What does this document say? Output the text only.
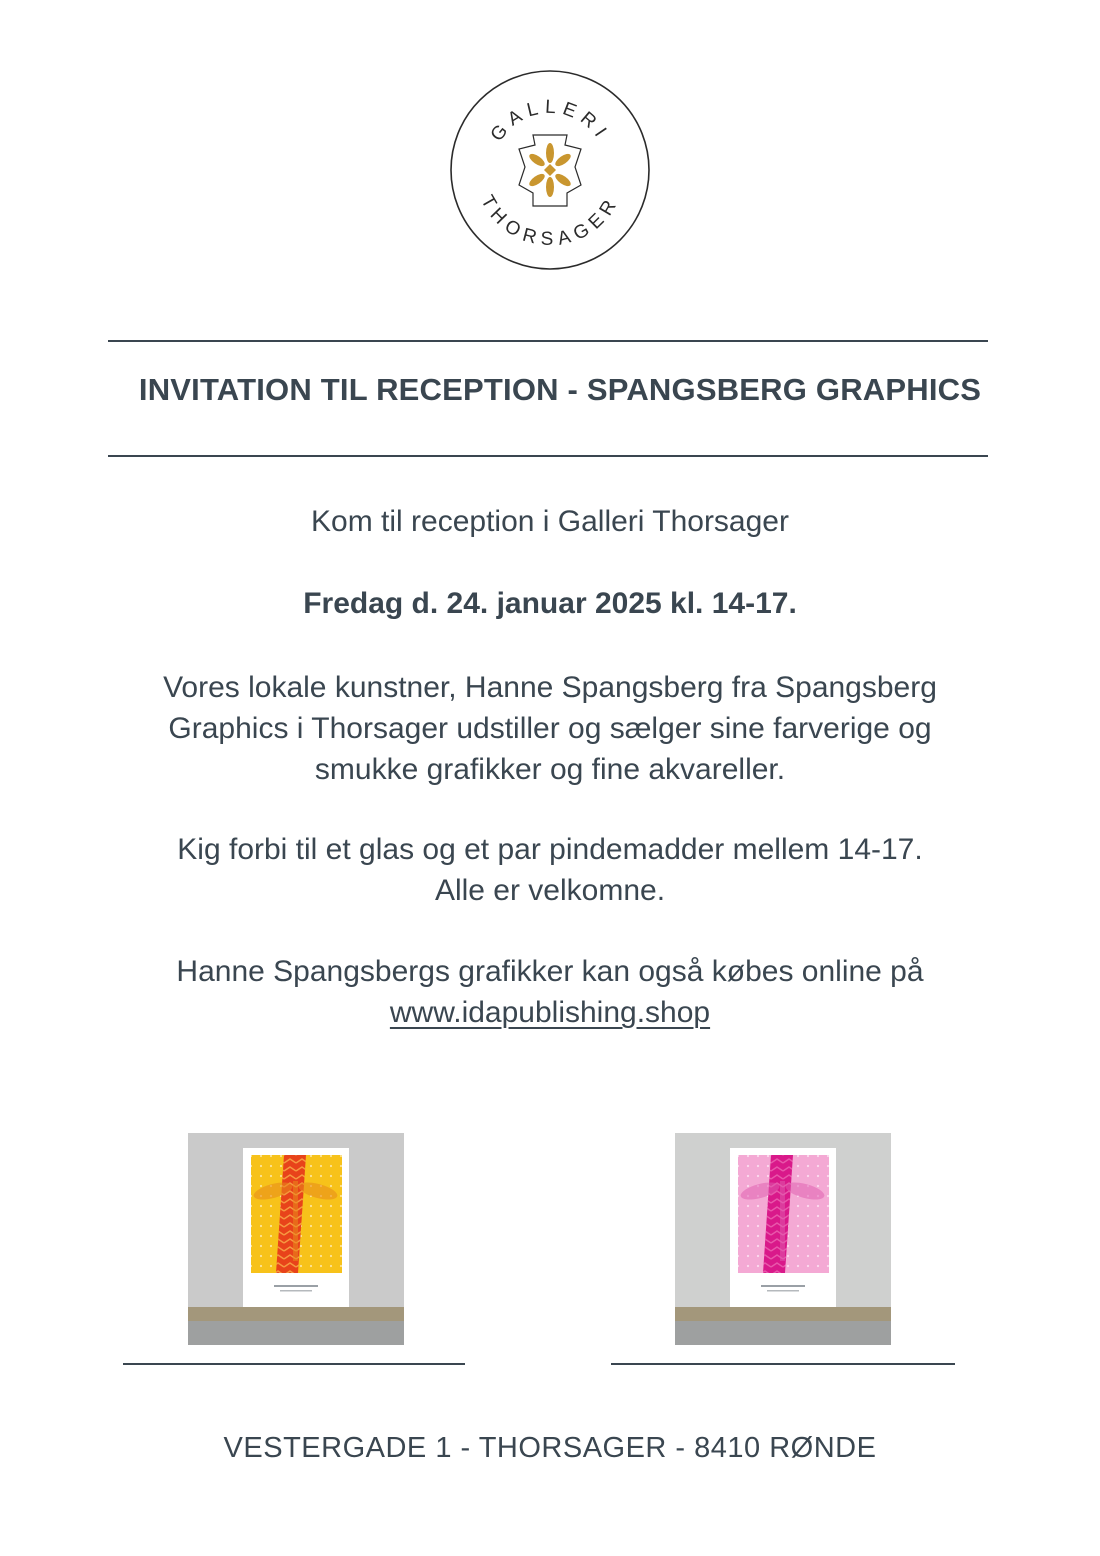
GALLERI
THORSAGER
INVITATION TIL RECEPTION - SPANGSBERG GRAPHICS
Kom til reception i Galleri Thorsager
Fredag d. 24. januar 2025 kl. 14-17.
Vores lokale kunstner, Hanne Spangsberg fra Spangsberg
Graphics i Thorsager udstiller og sælger sine farverige og
smukke grafikker og fine akvareller.
Kig forbi til et glas og et par pindemadder mellem 14-17.
Alle er velkomne.
Hanne Spangsbergs grafikker kan også købes online på
www.idapublishing.shop
VESTERGADE 1 - THORSAGER - 8410 RØNDE
